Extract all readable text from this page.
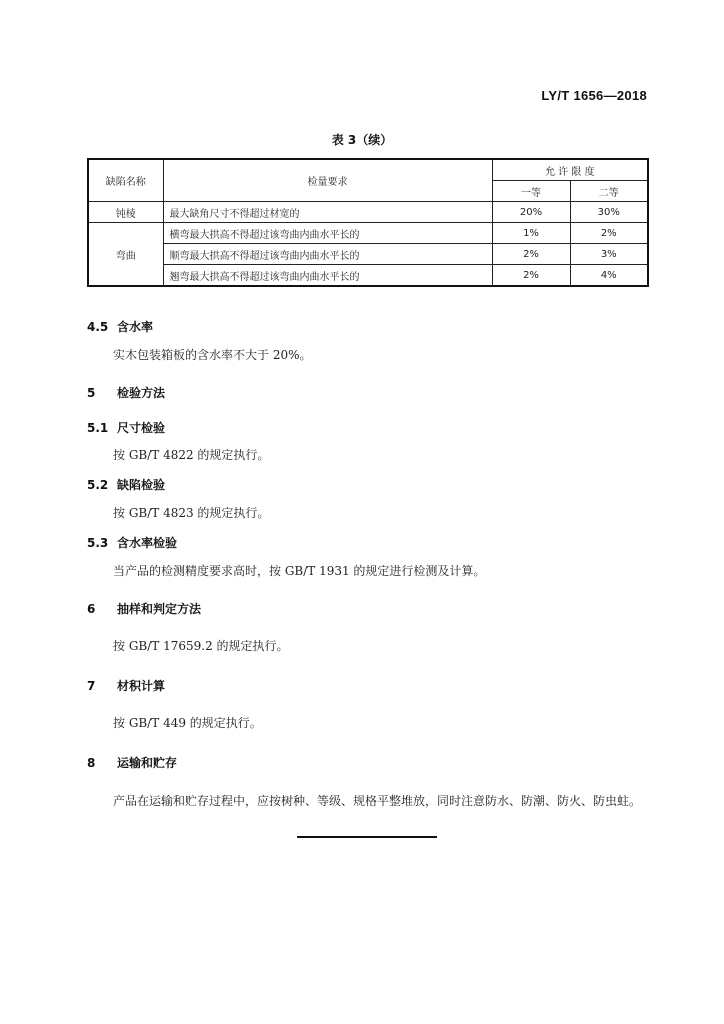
LY/T 1656—2018
表 3（续）
缺陷名称	检量要求	允 许 限 度	
		一等	二等
钝棱	最大缺角尺寸不得超过材宽的	20%	30%
弯曲	横弯最大拱高不得超过该弯曲内曲水平长的	1%	2%
	顺弯最大拱高不得超过该弯曲内曲水平长的	2%	3%
	翘弯最大拱高不得超过该弯曲内曲水平长的	2%	4%
4.5 含水率
实木包装箱板的含水率不大于 20%。
5 检验方法
5.1 尺寸检验
按 GB/T 4822 的规定执行。
5.2 缺陷检验
按 GB/T 4823 的规定执行。
5.3 含水率检验
当产品的检测精度要求高时，按 GB/T 1931 的规定进行检测及计算。
6 抽样和判定方法
按 GB/T 17659.2 的规定执行。
7 材积计算
按 GB/T 449 的规定执行。
8 运输和贮存
产品在运输和贮存过程中，应按树种、等级、规格平整堆放，同时注意防水、防潮、防火、防虫蛀。
